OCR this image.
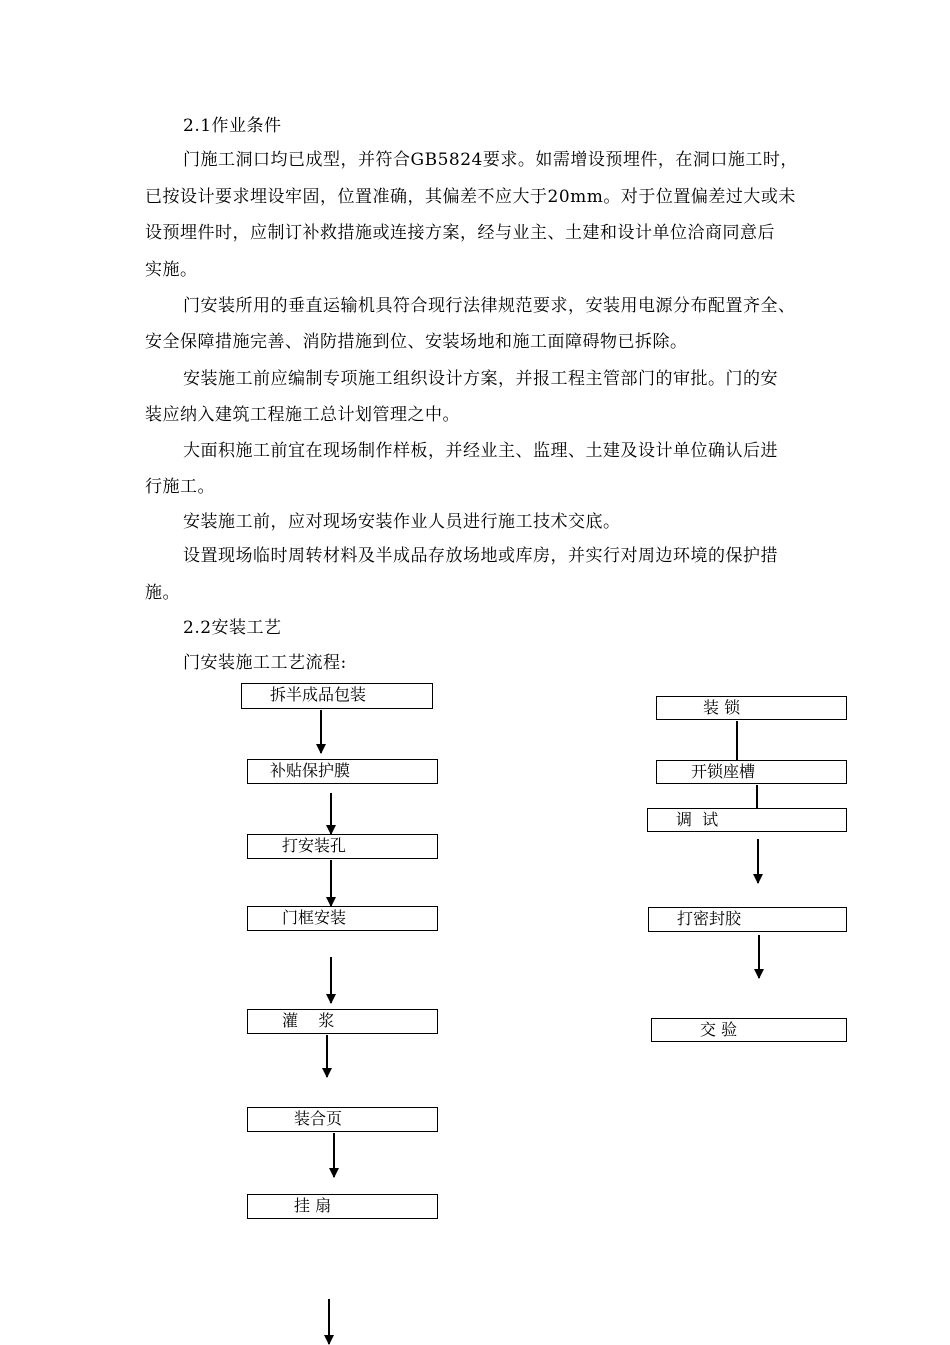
2.1作业条件
门施工洞口均已成型，并符合GB5824要求。如需增设预埋件，在洞口施工时，
已按设计要求埋设牢固，位置准确，其偏差不应大于20mm。对于位置偏差过大或未
设预埋件时，应制订补救措施或连接方案，经与业主、土建和设计单位洽商同意后
实施。
门安装所用的垂直运输机具符合现行法律规范要求，安装用电源分布配置齐全、
安全保障措施完善、消防措施到位、安装场地和施工面障碍物已拆除。
安装施工前应编制专项施工组织设计方案，并报工程主管部门的审批。门的安
装应纳入建筑工程施工总计划管理之中。
大面积施工前宜在现场制作样板，并经业主、监理、土建及设计单位确认后进
行施工。
安装施工前，应对现场安装作业人员进行施工技术交底。
设置现场临时周转材料及半成品存放场地或库房，并实行对周边环境的保护措
施。
2.2安装工艺
门安装施工工艺流程:
拆半成品包装
补贴保护膜
打安装孔
门框安装
灌    浆
装合页
挂 扇
装 锁
开锁座槽
调  试
打密封胶
交 验
